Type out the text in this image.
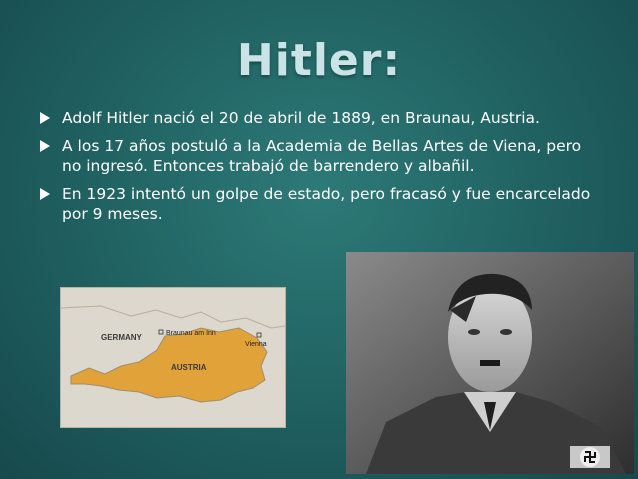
Hitler:
Adolf Hitler nació el 20 de abril de 1889, en Braunau, Austria.
A los 17 años postuló a la Academia de Bellas Artes de Viena, pero no ingresó. Entonces trabajó de barrendero y albañil.
En 1923 intentó un golpe de estado, pero fracasó y fue encarcelado por 9 meses.
GERMANY	Braunau am Inn
Vienna
AUSTRIA
